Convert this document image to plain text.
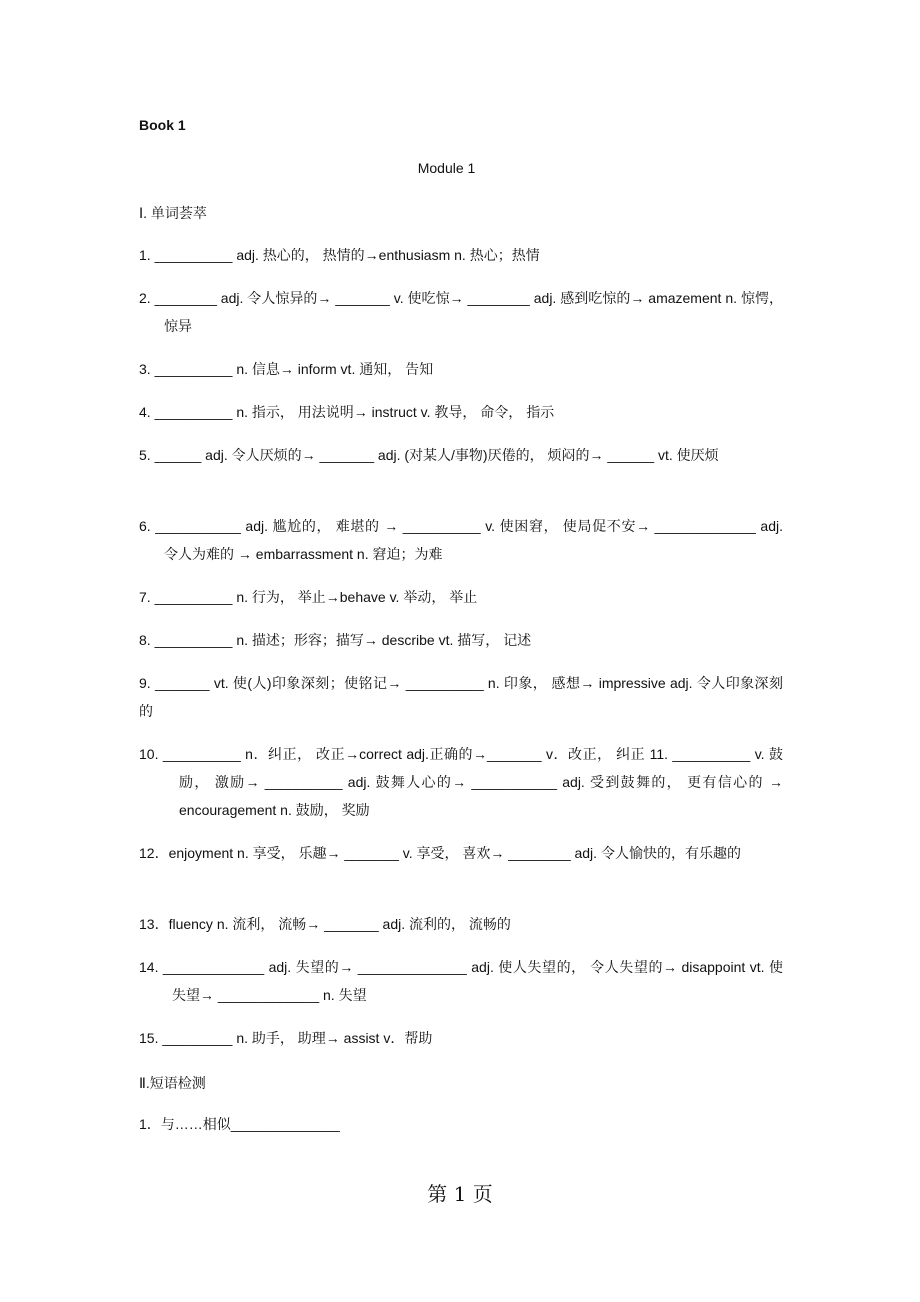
Book 1
Module 1
Ⅰ. 单词荟萃
1. __________ adj. 热心的， 热情的→enthusiasm n. 热心；热情
2. ________ adj. 令人惊异的→ _______ v. 使吃惊→ ________ adj. 感到吃惊的→ amazement n. 惊愕， 惊异
3. __________ n. 信息→ inform vt. 通知， 告知
4. __________ n. 指示， 用法说明→ instruct v. 教导， 命令， 指示
5. ______ adj. 令人厌烦的→ _______ adj. (对某人/事物)厌倦的， 烦闷的→ ______ vt. 使厌烦
6. ___________ adj. 尴尬的， 难堪的 → __________ v. 使困窘， 使局促不安→ _____________ adj. 令人为难的 → embarrassment n. 窘迫；为难
7. __________ n. 行为， 举止→behave v. 举动， 举止
8. __________ n. 描述；形容；描写→ describe vt. 描写， 记述
9. _______ vt. 使(人)印象深刻；使铭记→ __________ n. 印象， 感想→ impressive adj. 令人印象深刻的
10. __________ n．纠正， 改正→correct adj.正确的→_______ v．改正， 纠正 11. __________ v. 鼓励， 激励→ __________ adj. 鼓舞人心的→ ___________ adj. 受到鼓舞的， 更有信心的 → encouragement n. 鼓励， 奖励
12．enjoyment n. 享受， 乐趣→ _______ v. 享受， 喜欢→ ________ adj. 令人愉快的，有乐趣的
13．fluency n. 流利， 流畅→ _______ adj. 流利的， 流畅的
14. _____________ adj. 失望的→ ______________ adj. 使人失望的， 令人失望的→ disappoint vt. 使失望→ _____________ n. 失望
15. _________ n. 助手， 助理→ assist v．帮助
Ⅱ.短语检测
1．与……相似______________
第 1 页
